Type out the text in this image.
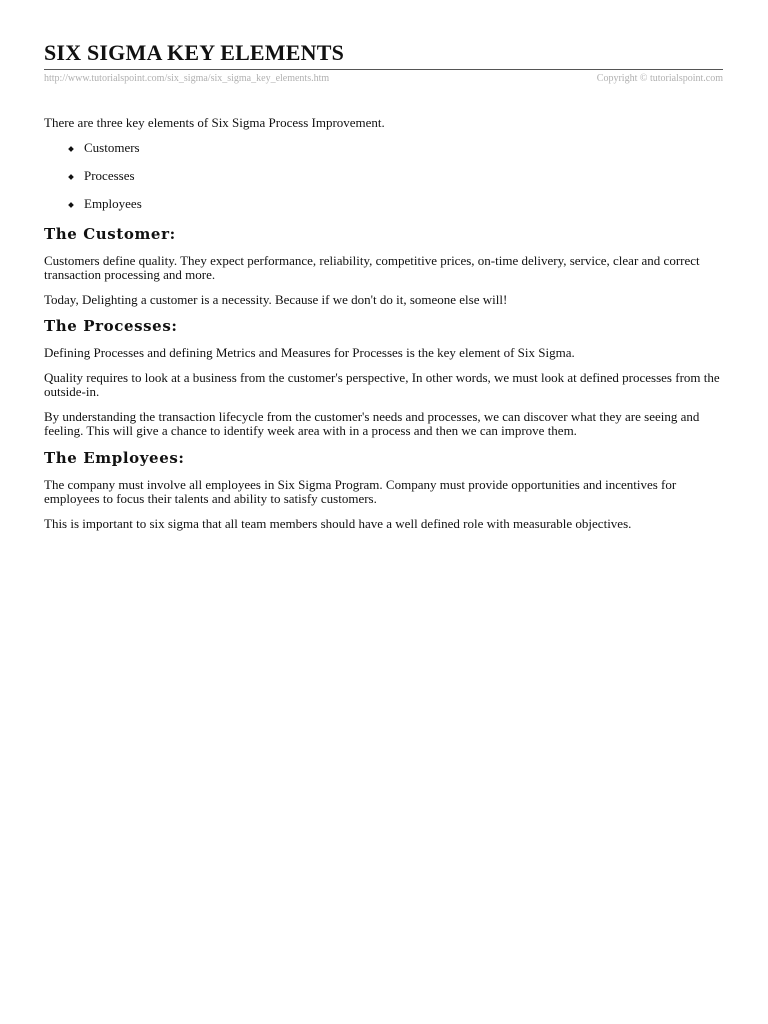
SIX SIGMA KEY ELEMENTS
http://www.tutorialspoint.com/six_sigma/six_sigma_key_elements.htm	Copyright © tutorialspoint.com

There are three key elements of Six Sigma Process Improvement.

Customers
Processes
Employees
The Customer:

Customers define quality. They expect performance, reliability, competitive prices, on-time delivery, service, clear and correct transaction processing and more.

Today, Delighting a customer is a necessity. Because if we don't do it, someone else will!

The Processes:

Defining Processes and defining Metrics and Measures for Processes is the key element of Six Sigma.

Quality requires to look at a business from the customer's perspective, In other words, we must look at defined processes from the outside-in.

By understanding the transaction lifecycle from the customer's needs and processes, we can discover what they are seeing and feeling. This will give a chance to identify week area with in a process and then we can improve them.

The Employees:

The company must involve all employees in Six Sigma Program. Company must provide opportunities and incentives for employees to focus their talents and ability to satisfy customers.

This is important to six sigma that all team members should have a well defined role with measurable objectives.
